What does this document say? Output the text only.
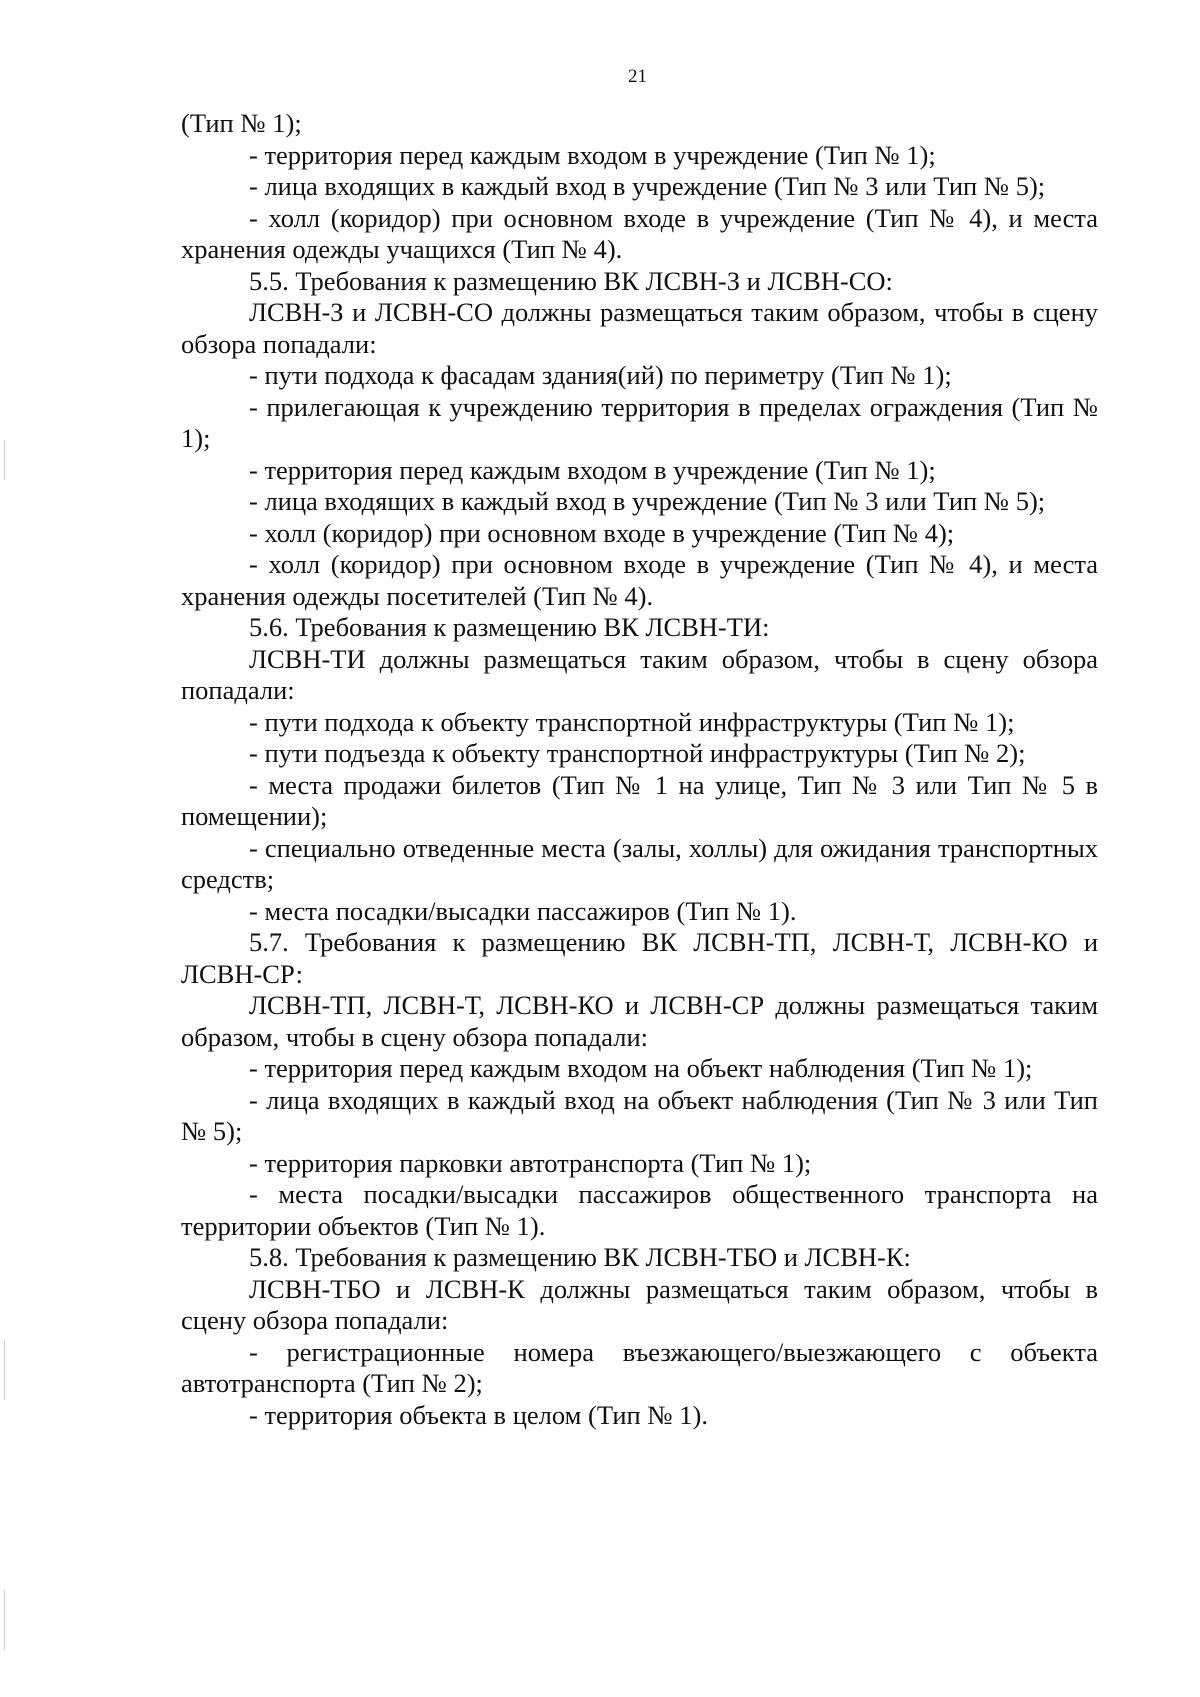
21

(Тип № 1);

- территория перед каждым входом в учреждение (Тип № 1);

- лица входящих в каждый вход в учреждение (Тип № 3 или Тип № 5);

- холл (коридор) при основном входе в учреждение (Тип № 4), и места хранения одежды учащихся (Тип № 4).

5.5. Требования к размещению ВК ЛСВН-З и ЛСВН-СО:

ЛСВН-З и ЛСВН-СО должны размещаться таким образом, чтобы в сцену обзора попадали:

- пути подхода к фасадам здания(ий) по периметру (Тип № 1);

- прилегающая к учреждению территория в пределах ограждения (Тип № 1);

- территория перед каждым входом в учреждение (Тип № 1);

- лица входящих в каждый вход в учреждение (Тип № 3 или Тип № 5);

- холл (коридор) при основном входе в учреждение (Тип № 4);

- холл (коридор) при основном входе в учреждение (Тип № 4), и места хранения одежды посетителей (Тип № 4).

5.6. Требования к размещению ВК ЛСВН-ТИ:

ЛСВН-ТИ должны размещаться таким образом, чтобы в сцену обзора попадали:

- пути подхода к объекту транспортной инфраструктуры (Тип № 1);

- пути подъезда к объекту транспортной инфраструктуры (Тип № 2);

- места продажи билетов (Тип № 1 на улице, Тип № 3 или Тип № 5 в помещении);

- специально отведенные места (залы, холлы) для ожидания транспортных средств;

- места посадки/высадки пассажиров (Тип № 1).

5.7. Требования к размещению ВК ЛСВН-ТП, ЛСВН-Т, ЛСВН-КО и ЛСВН-СР:

ЛСВН-ТП, ЛСВН-Т, ЛСВН-КО и ЛСВН-СР должны размещаться таким образом, чтобы в сцену обзора попадали:

- территория перед каждым входом на объект наблюдения (Тип № 1);

- лица входящих в каждый вход на объект наблюдения (Тип № 3 или Тип № 5);

- территория парковки автотранспорта (Тип № 1);

- места посадки/высадки пассажиров общественного транспорта на территории объектов (Тип № 1).

5.8. Требования к размещению ВК ЛСВН-ТБО и ЛСВН-К:

ЛСВН-ТБО и ЛСВН-К должны размещаться таким образом, чтобы в сцену обзора попадали:

- регистрационные номера въезжающего/выезжающего с объекта автотранспорта (Тип № 2);

- территория объекта в целом (Тип № 1).
